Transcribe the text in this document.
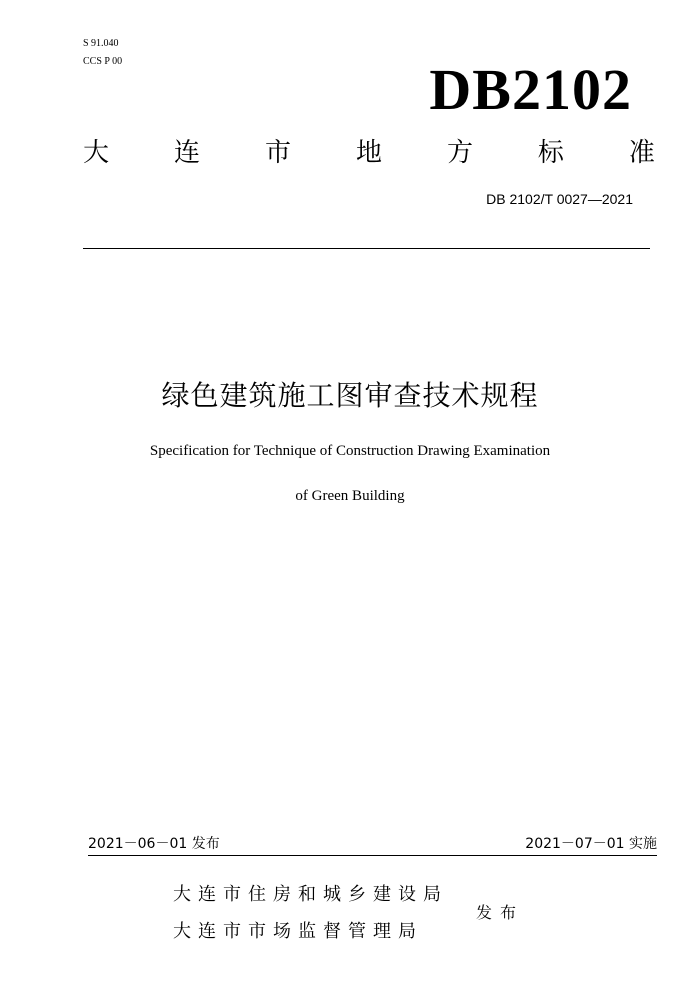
S 91.040
CCS P 00	DB2102
大 连 市 地 方 标 准
DB 2102/T 0027—2021
绿色建筑施工图审查技术规程
Specification for Technique of Construction Drawing Examination
of Green Building
2021－06－01 发布	2021－07－01 实施
大连市住房和城乡建设局
大连市市场监督管理局
发布
